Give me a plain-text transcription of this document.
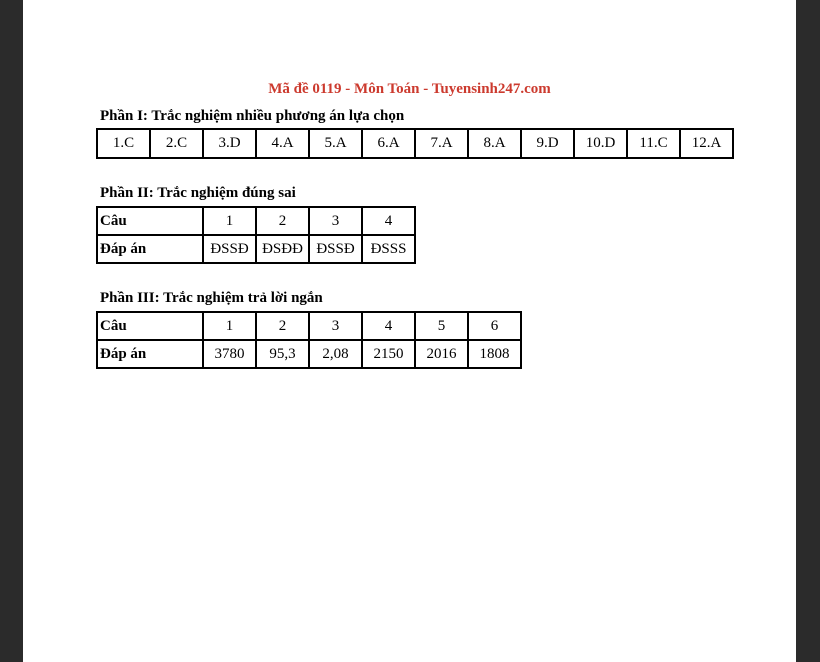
Mã đề 0119 - Môn Toán - Tuyensinh247.com
Phần I: Trắc nghiệm nhiều phương án lựa chọn
1.C	2.C	3.D	4.A	5.A	6.A	7.A	8.A	9.D	10.D	11.C	12.A
Phần II: Trắc nghiệm đúng sai
Câu	1	2	3	4
Đáp án	ĐSSĐ	ĐSĐĐ	ĐSSĐ	ĐSSS
Phần III: Trắc nghiệm trả lời ngắn
Câu	1	2	3	4	5	6
Đáp án	3780	95,3	2,08	2150	2016	1808
